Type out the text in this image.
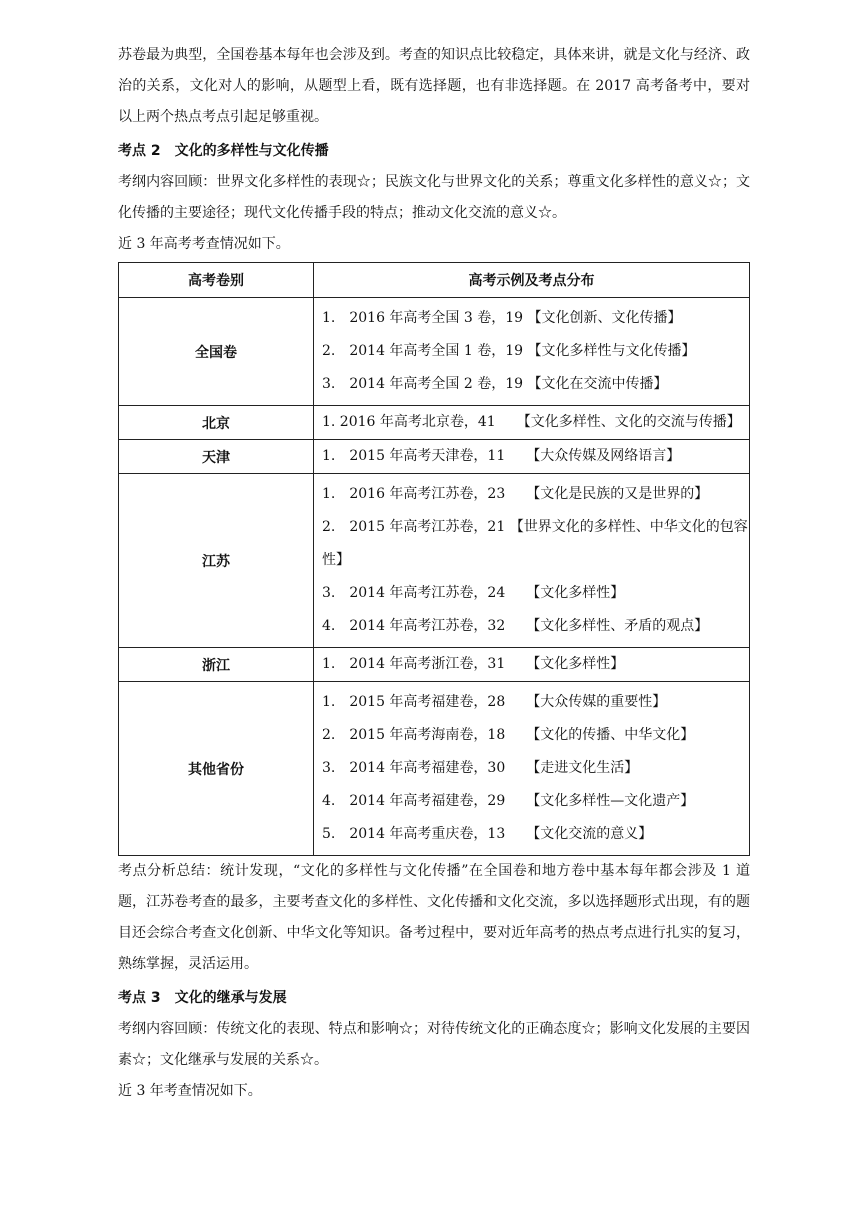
苏卷最为典型，全国卷基本每年也会涉及到。考查的知识点比较稳定，具体来讲，就是文化与经济、政治的关系，文化对人的影响，从题型上看，既有选择题，也有非选择题。在 2017 高考备考中，要对以上两个热点考点引起足够重视。

考点 2　文化的多样性与文化传播

考纲内容回顾：世界文化多样性的表现☆；民族文化与世界文化的关系；尊重文化多样性的意义☆；文化传播的主要途径；现代文化传播手段的特点；推动文化交流的意义☆。

近 3 年高考考查情况如下。

高考卷别	高考示例及考点分布
全国卷	1.　2016 年高考全国 3 卷，19 【文化创新、文化传播】
2.　2014 年高考全国 1 卷，19 【文化多样性与文化传播】
3.　2014 年高考全国 2 卷，19 【文化在交流中传播】

北京	1. 2016 年高考北京卷，41　　【文化多样性、文化的交流与传播】

天津	1.　2015 年高考天津卷，11　　【大众传媒及网络语言】

江苏	1.　2016 年高考江苏卷，23　　【文化是民族的又是世界的】
2.　2015 年高考江苏卷，21 【世界文化的多样性、中华文化的包容性】
3.　2014 年高考江苏卷，24　　【文化多样性】
4.　2014 年高考江苏卷，32　　【文化多样性、矛盾的观点】

浙江	1.　2014 年高考浙江卷，31　　【文化多样性】

其他省份	1.　2015 年高考福建卷，28　　【大众传媒的重要性】
2.　2015 年高考海南卷，18　　【文化的传播、中华文化】
3.　2014 年高考福建卷，30　　【走进文化生活】
4.　2014 年高考福建卷，29　　【文化多样性—文化遗产】
5.　2014 年高考重庆卷，13　　【文化交流的意义】

考点分析总结：统计发现，“文化的多样性与文化传播”在全国卷和地方卷中基本每年都会涉及 1 道题，江苏卷考查的最多，主要考查文化的多样性、文化传播和文化交流，多以选择题形式出现，有的题目还会综合考查文化创新、中华文化等知识。备考过程中，要对近年高考的热点考点进行扎实的复习，熟练掌握，灵活运用。

考点 3　文化的继承与发展

考纲内容回顾：传统文化的表现、特点和影响☆；对待传统文化的正确态度☆；影响文化发展的主要因素☆；文化继承与发展的关系☆。

近 3 年考查情况如下。
